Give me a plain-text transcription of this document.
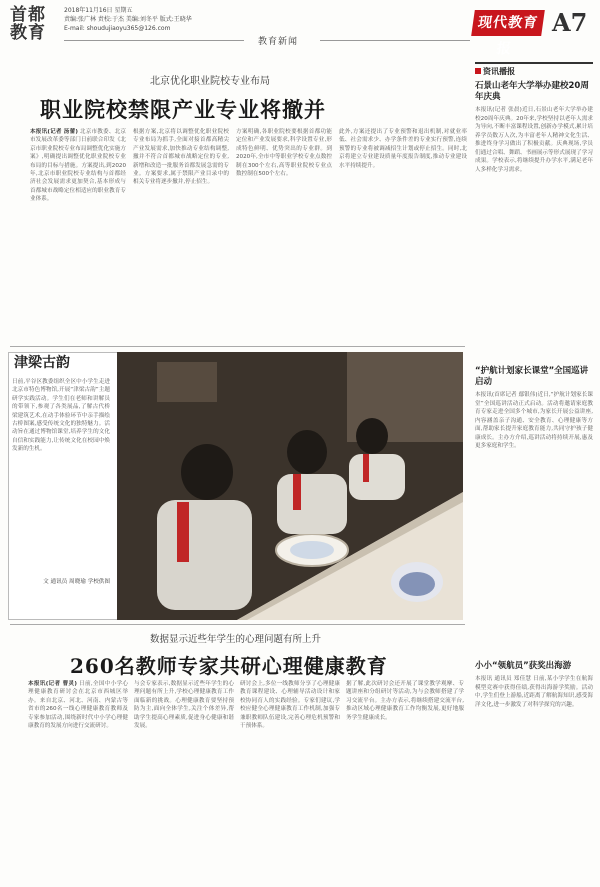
首都教育
2018年11月16日 星期五
责编:张广林 责校:于杰 美编:刘冬平 版式:王晓华
E-mail: shoudujiaoyu365@126.com
教育新闻
现代教育报
A7
北京优化职业院校专业布局
职业院校禁限产业专业将撤并
本报讯(记者 汤蕾) 北京市教委、北京市发展改革委等部门日前联合印发《北京市职业院校专业布局调整优化实施方案》,明确提出调整优化职业院校专业布局的目标与措施。方案提出,到2020年,北京市职业院校专业结构与首都经济社会发展需求更加契合,基本形成与首都城市战略定位相适应的职业教育专业体系。
根据方案,北京将以调整优化职业院校专业布局为抓手,全面对接首都高精尖产业发展需求,加快推动专业结构调整,撤并不符合首都城市战略定位的专业,新增和改造一批服务首都发展急需的专业。方案要求,属于禁限产业目录中的相关专业将逐步撤并,停止招生。
方案明确,各职业院校要根据首都功能定位和产业发展要求,科学设置专业,形成特色鲜明、优势突出的专业群。到2020年,全市中等职业学校专业点数控制在300个左右,高等职业院校专业点数控制在500个左右。
此外,方案还提出了专业预警和退出机制,对就业率低、社会需求少、办学条件差的专业实行预警,连续预警的专业将被调减招生计划或停止招生。同时,北京将建立专业建设质量年度报告制度,推动专业建设水平持续提升。
津梁古韵
日前,平谷区教委组织全区中小学生走进北京市特色博物馆,开展“津梁古韵”主题研学实践活动。学生们在老师和讲解员的带领下,参观了各类展品,了解古代桥梁建筑艺术,在动手体验环节中亲手描绘古桥图案,感受传统文化的独特魅力。活动旨在通过博物馆课堂,培养学生的文化自信和实践能力,让传统文化在校园中焕发新的生机。
文 通讯员 周晓瑜 学校供图
数据显示近些年学生的心理问题有所上升
260名教师专家共研心理健康教育
本报讯(记者 曹灵) 日前,全国中小学心理健康教育研讨会在北京市西城区举办。来自北京、河北、河南、内蒙古等省市的260名一线心理健康教育教师及专家参加活动,围绕新时代中小学心理健康教育的发展方向进行交流研讨。
与会专家表示,数据显示近些年学生的心理问题有所上升,学校心理健康教育工作面临新的挑战。心理健康教育要坚持预防为主,面向全体学生,关注个体差异,帮助学生提高心理素质,促进身心健康和谐发展。
研讨会上,多位一线教师分享了心理健康教育课程建设、心理辅导活动设计和家校协同育人的实践经验。专家们建议,学校应健全心理健康教育工作机制,加强专兼职教师队伍建设,完善心理危机预警和干预体系。
据了解,此次研讨会还开展了课堂教学观摩、专题讲座和分组研讨等活动,为与会教师搭建了学习交流平台。主办方表示,将继续搭建交流平台,推动区域心理健康教育工作均衡发展,更好地服务学生健康成长。
资讯播报
石景山老年大学举办建校20周年庆典
本报讯(记者 张晨)近日,石景山老年大学举办建校20周年庆典。20年来,学校坚持以老年人需求为导向,不断丰富课程设置,创新办学模式,累计培养学员数万人次,为丰富老年人精神文化生活、推进终身学习做出了积极贡献。庆典现场,学员们通过合唱、舞蹈、书画展示等形式展现了学习成果。学校表示,将继续提升办学水平,满足老年人多样化学习需求。
“护航计划家长课堂”全国巡讲启动
本报讯(首席记者 鄢银伟)近日,“护航计划家长课堂”全国巡讲活动正式启动。活动将邀请家庭教育专家走进全国多个城市,为家长开展公益讲座,内容涵盖亲子沟通、安全教育、心理健康等方面,帮助家长提升家庭教育能力,共同守护孩子健康成长。主办方介绍,巡讲活动将持续开展,惠及更多家庭和学生。
小小“领航员”获奖出海游
本报讯 通讯员 郑佳慧 日前,某小学学生在航海模型竞赛中获得佳绩,获得出海游学奖励。活动中,学生们登上游船,近距离了解航海知识,感受海洋文化,进一步激发了对科学探究的兴趣。
